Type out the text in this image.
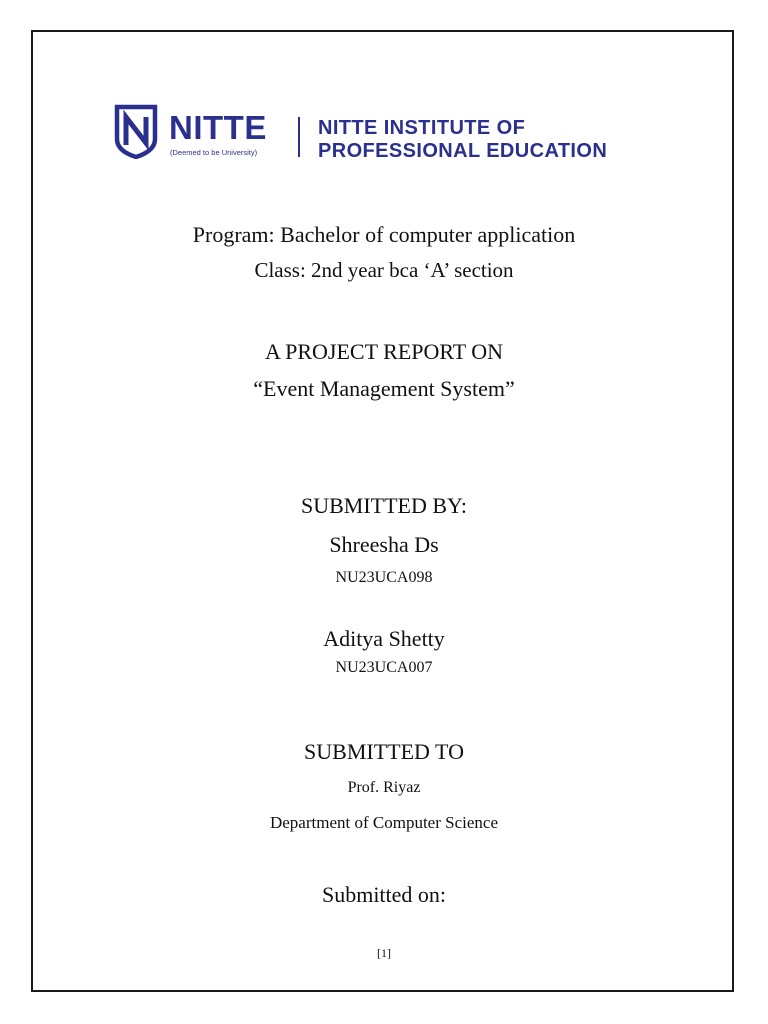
NITTE
(Deemed to be University)
NITTE INSTITUTE OF
PROFESSIONAL EDUCATION
Program: Bachelor of computer application
Class: 2nd year bca ‘A’ section
A PROJECT REPORT ON
“Event Management System”
SUBMITTED BY:
Shreesha Ds
NU23UCA098
Aditya Shetty
NU23UCA007
SUBMITTED TO
Prof. Riyaz
Department of Computer Science
Submitted on:
[1]
